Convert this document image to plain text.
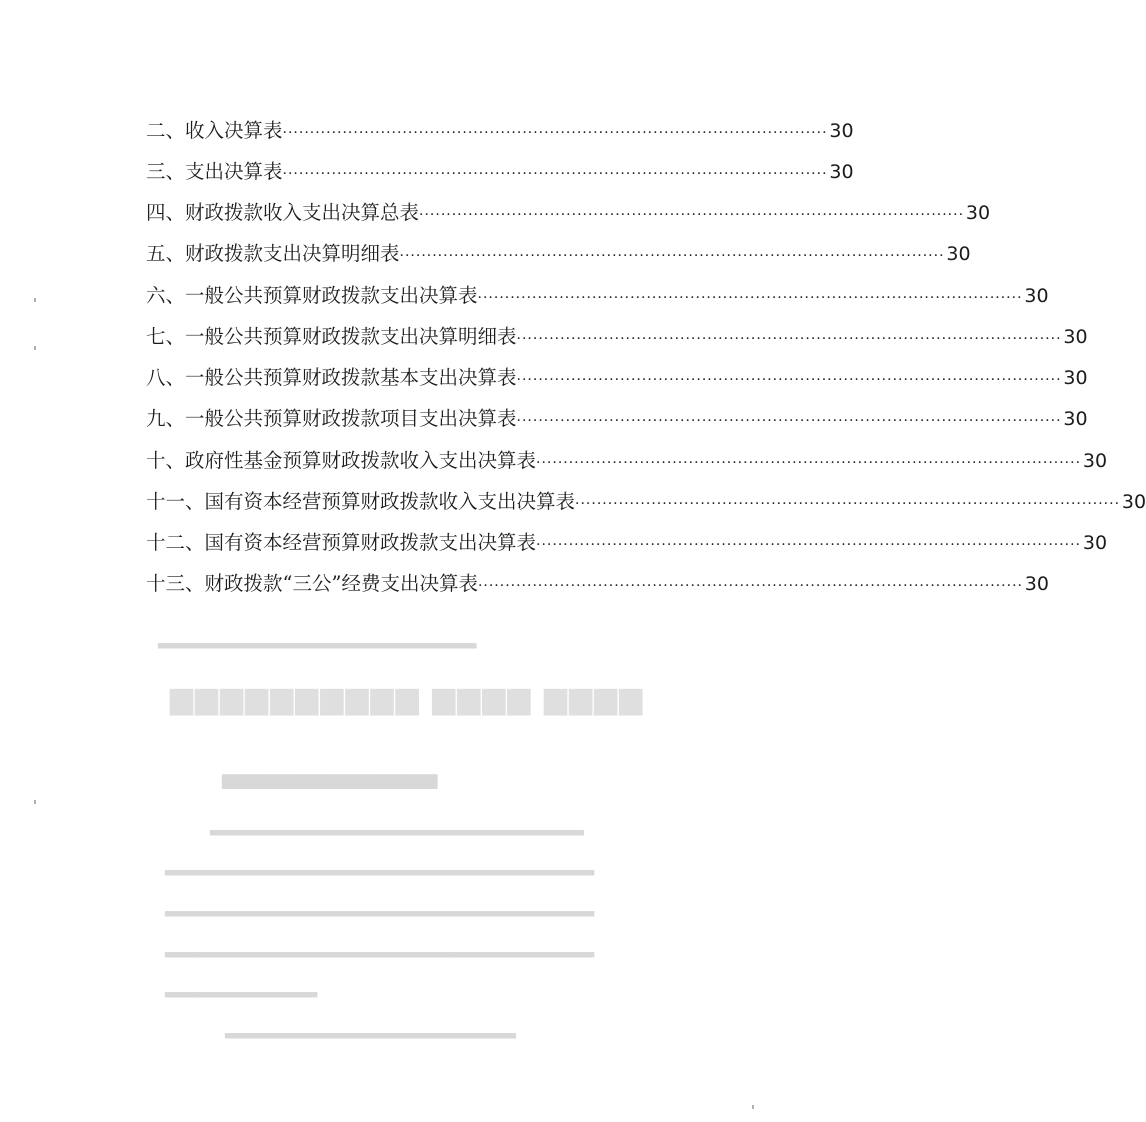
二、收入决算表 ···································································································· 30
三、支出决算表 ···································································································· 30
四、财政拨款收入支出决算总表 ···································································································· 30
五、财政拨款支出决算明细表 ···································································································· 30
六、一般公共预算财政拨款支出决算表 ···································································································· 30
七、一般公共预算财政拨款支出决算明细表 ···································································································· 30
八、一般公共预算财政拨款基本支出决算表 ···································································································· 30
九、一般公共预算财政拨款项目支出决算表 ···································································································· 30
十、政府性基金预算财政拨款收入支出决算表 ···································································································· 30
十一、国有资本经营预算财政拨款收入支出决算表 ···································································································· 30
十二、国有资本经营预算财政拨款支出决算表 ···································································································· 30
十三、财政拨款“三公”经费支出决算表 ···································································································· 30
▆▆▆▆ ▆▆▆▆ ▆▆▆▆▆▆▆▆▆▆
▅▅▅▅▅▅▅▅▅▅▅▅▅▅
▂▂▂▂▂▂▂▂▂▂▂▂▂▂▂▂▂▂▂▂▂▂▂▂▂▂▂
▂▂▂▂▂▂▂▂▂▂▂▂▂▂▂▂▂▂▂▂▂▂▂▂▂▂▂▂▂▂▂
▂▂▂▂▂▂▂▂▂▂▂▂▂▂▂▂▂▂▂▂▂▂▂▂▂▂▂▂▂▂▂
▂▂▂▂▂▂▂▂▂▂▂▂▂▂▂▂▂▂▂▂▂▂▂▂▂▂▂▂▂▂▂
▂▂▂▂▂▂▂▂▂▂▂
▂▂▂▂▂▂▂▂▂▂▂▂▂▂▂▂▂▂▂▂▂
▂▂▂▂▂▂▂▂▂▂▂▂▂▂▂▂▂▂▂▂▂▂▂
